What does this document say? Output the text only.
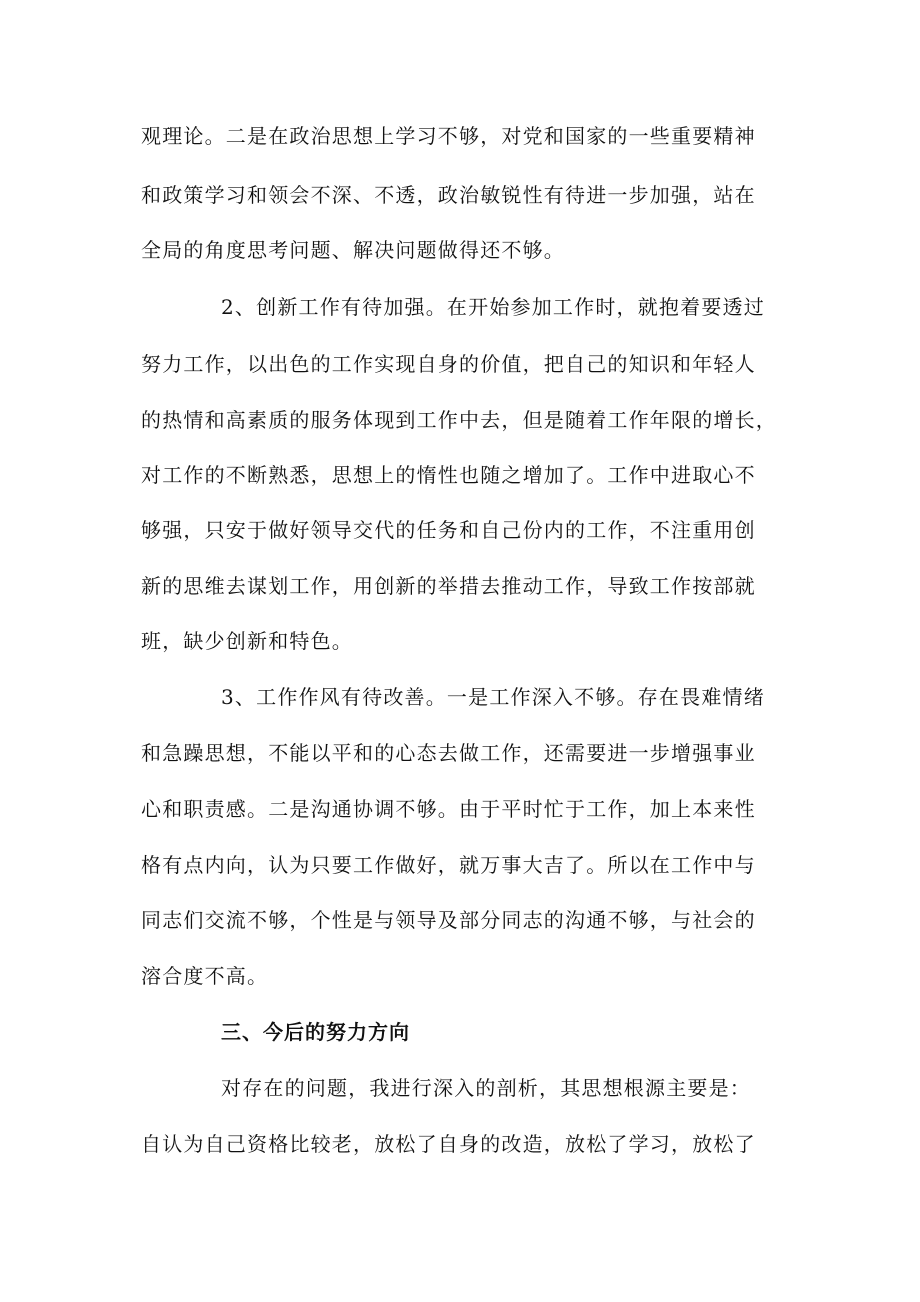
观理论。二是在政治思想上学习不够，对党和国家的一些重要精神
和政策学习和领会不深、不透，政治敏锐性有待进一步加强，站在
全局的角度思考问题、解决问题做得还不够。
2、创新工作有待加强。在开始参加工作时，就抱着要透过
努力工作，以出色的工作实现自身的价值，把自己的知识和年轻人
的热情和高素质的服务体现到工作中去，但是随着工作年限的增长，
对工作的不断熟悉，思想上的惰性也随之增加了。工作中进取心不
够强，只安于做好领导交代的任务和自己份内的工作，不注重用创
新的思维去谋划工作，用创新的举措去推动工作，导致工作按部就
班，缺少创新和特色。
3、工作作风有待改善。一是工作深入不够。存在畏难情绪
和急躁思想，不能以平和的心态去做工作，还需要进一步增强事业
心和职责感。二是沟通协调不够。由于平时忙于工作，加上本来性
格有点内向，认为只要工作做好，就万事大吉了。所以在工作中与
同志们交流不够，个性是与领导及部分同志的沟通不够，与社会的
溶合度不高。
三、今后的努力方向
对存在的问题，我进行深入的剖析，其思想根源主要是：
自认为自己资格比较老，放松了自身的改造，放松了学习，放松了
